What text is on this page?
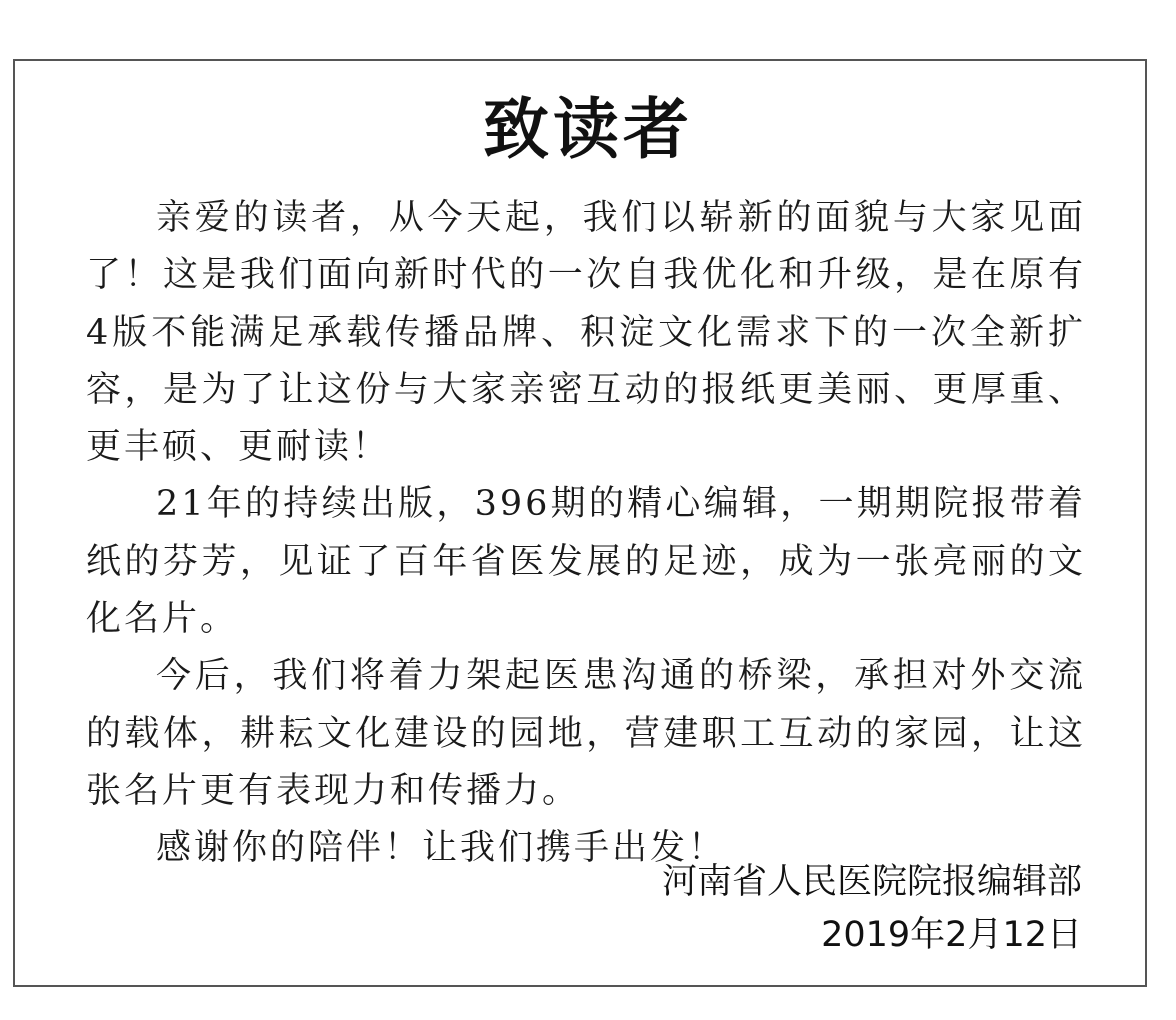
致读者

亲爱的读者，从今天起，我们以崭新的面貌与大家见面了！这是我们面向新时代的一次自我优化和升级，是在原有4版不能满足承载传播品牌、积淀文化需求下的一次全新扩容，是为了让这份与大家亲密互动的报纸更美丽、更厚重、更丰硕、更耐读！

21年的持续出版，396期的精心编辑，一期期院报带着纸的芬芳，见证了百年省医发展的足迹，成为一张亮丽的文化名片。

今后，我们将着力架起医患沟通的桥梁，承担对外交流的载体，耕耘文化建设的园地，营建职工互动的家园，让这张名片更有表现力和传播力。

感谢你的陪伴！让我们携手出发！

河南省人民医院院报编辑部
2019年2月12日
